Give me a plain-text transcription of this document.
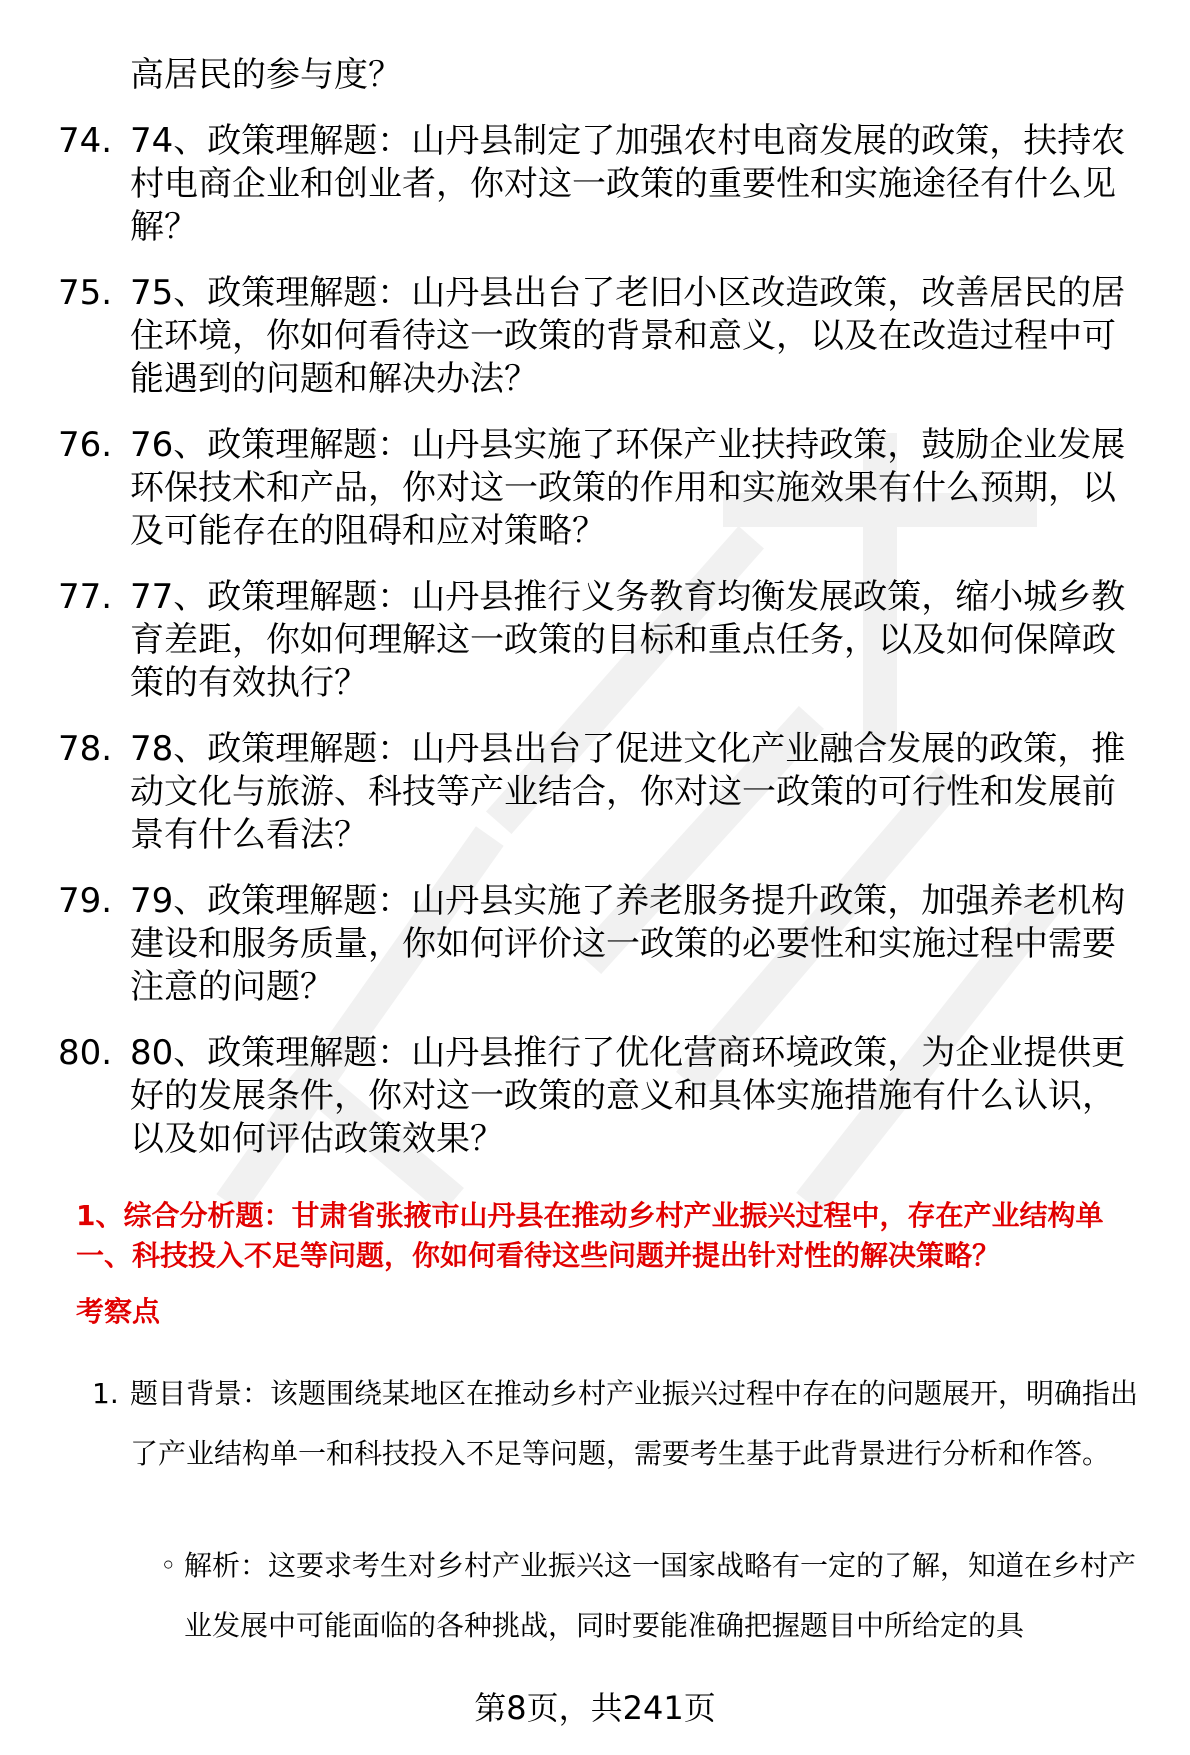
高居民的参与度？
74. 74、政策理解题：山丹县制定了加强农村电商发展的政策，扶持农村电商企业和创业者，你对这一政策的重要性和实施途径有什么见解？
75. 75、政策理解题：山丹县出台了老旧小区改造政策，改善居民的居住环境，你如何看待这一政策的背景和意义，以及在改造过程中可能遇到的问题和解决办法？
76. 76、政策理解题：山丹县实施了环保产业扶持政策，鼓励企业发展环保技术和产品，你对这一政策的作用和实施效果有什么预期，以及可能存在的阻碍和应对策略？
77. 77、政策理解题：山丹县推行义务教育均衡发展政策，缩小城乡教育差距，你如何理解这一政策的目标和重点任务，以及如何保障政策的有效执行？
78. 78、政策理解题：山丹县出台了促进文化产业融合发展的政策，推动文化与旅游、科技等产业结合，你对这一政策的可行性和发展前景有什么看法？
79. 79、政策理解题：山丹县实施了养老服务提升政策，加强养老机构建设和服务质量，你如何评价这一政策的必要性和实施过程中需要注意的问题？
80. 80、政策理解题：山丹县推行了优化营商环境政策，为企业提供更好的发展条件，你对这一政策的意义和具体实施措施有什么认识，以及如何评估政策效果？
1、综合分析题：甘肃省张掖市山丹县在推动乡村产业振兴过程中，存在产业结构单一、科技投入不足等问题，你如何看待这些问题并提出针对性的解决策略？
考察点
1. 题目背景：该题围绕某地区在推动乡村产业振兴过程中存在的问题展开，明确指出了产业结构单一和科技投入不足等问题，需要考生基于此背景进行分析和作答。
◦ 解析：这要求考生对乡村产业振兴这一国家战略有一定的了解，知道在乡村产业发展中可能面临的各种挑战，同时要能准确把握题目中所给定的具
第8页，共241页
